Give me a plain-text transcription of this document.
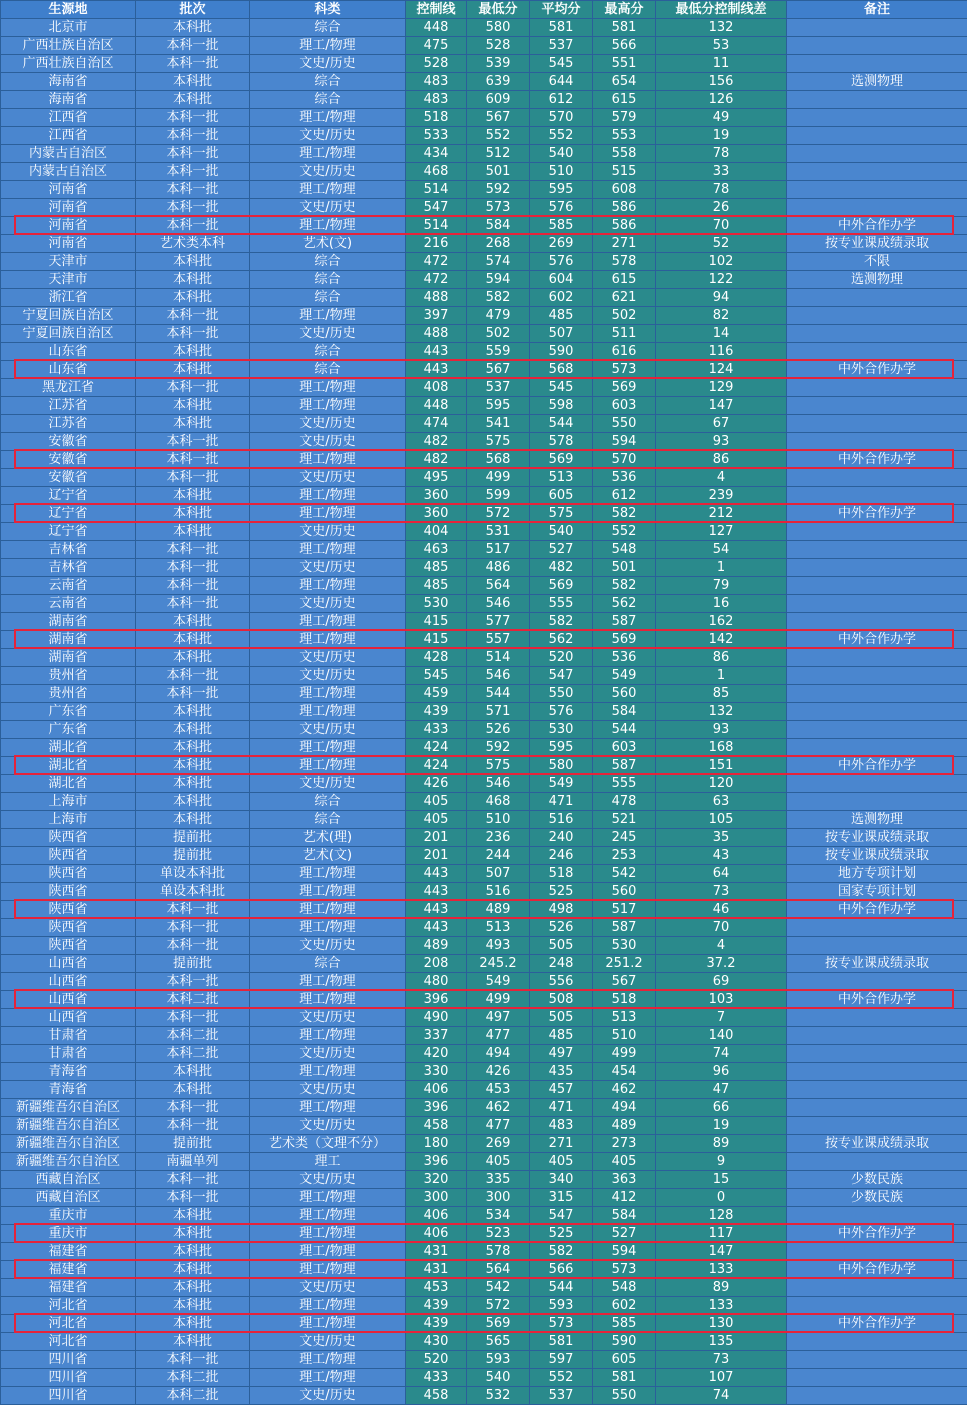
生源地	批次	科类	控制线	最低分	平均分	最高分	最低分控制线差	备注
北京市	本科批	综合	448	580	581	581	132	
广西壮族自治区	本科一批	理工/物理	475	528	537	566	53	
广西壮族自治区	本科一批	文史/历史	528	539	545	551	11	
海南省	本科批	综合	483	639	644	654	156	选测物理
海南省	本科批	综合	483	609	612	615	126	
江西省	本科一批	理工/物理	518	567	570	579	49	
江西省	本科一批	文史/历史	533	552	552	553	19	
内蒙古自治区	本科一批	理工/物理	434	512	540	558	78	
内蒙古自治区	本科一批	文史/历史	468	501	510	515	33	
河南省	本科一批	理工/物理	514	592	595	608	78	
河南省	本科一批	文史/历史	547	573	576	586	26	
河南省	本科一批	理工/物理	514	584	585	586	70	中外合作办学
河南省	艺术类本科	艺术(文)	216	268	269	271	52	按专业课成绩录取
天津市	本科批	综合	472	574	576	578	102	不限
天津市	本科批	综合	472	594	604	615	122	选测物理
浙江省	本科批	综合	488	582	602	621	94	
宁夏回族自治区	本科一批	理工/物理	397	479	485	502	82	
宁夏回族自治区	本科一批	文史/历史	488	502	507	511	14	
山东省	本科批	综合	443	559	590	616	116	
山东省	本科批	综合	443	567	568	573	124	中外合作办学
黑龙江省	本科一批	理工/物理	408	537	545	569	129	
江苏省	本科批	理工/物理	448	595	598	603	147	
江苏省	本科批	文史/历史	474	541	544	550	67	
安徽省	本科一批	文史/历史	482	575	578	594	93	
安徽省	本科一批	理工/物理	482	568	569	570	86	中外合作办学
安徽省	本科一批	文史/历史	495	499	513	536	4	
辽宁省	本科批	理工/物理	360	599	605	612	239	
辽宁省	本科批	理工/物理	360	572	575	582	212	中外合作办学
辽宁省	本科批	文史/历史	404	531	540	552	127	
吉林省	本科一批	理工/物理	463	517	527	548	54	
吉林省	本科一批	文史/历史	485	486	482	501	1	
云南省	本科一批	理工/物理	485	564	569	582	79	
云南省	本科一批	文史/历史	530	546	555	562	16	
湖南省	本科批	理工/物理	415	577	582	587	162	
湖南省	本科批	理工/物理	415	557	562	569	142	中外合作办学
湖南省	本科批	文史/历史	428	514	520	536	86	
贵州省	本科一批	文史/历史	545	546	547	549	1	
贵州省	本科一批	理工/物理	459	544	550	560	85	
广东省	本科批	理工/物理	439	571	576	584	132	
广东省	本科批	文史/历史	433	526	530	544	93	
湖北省	本科批	理工/物理	424	592	595	603	168	
湖北省	本科批	理工/物理	424	575	580	587	151	中外合作办学
湖北省	本科批	文史/历史	426	546	549	555	120	
上海市	本科批	综合	405	468	471	478	63	
上海市	本科批	综合	405	510	516	521	105	选测物理
陕西省	提前批	艺术(理)	201	236	240	245	35	按专业课成绩录取
陕西省	提前批	艺术(文)	201	244	246	253	43	按专业课成绩录取
陕西省	单设本科批	理工/物理	443	507	518	542	64	地方专项计划
陕西省	单设本科批	理工/物理	443	516	525	560	73	国家专项计划
陕西省	本科一批	理工/物理	443	489	498	517	46	中外合作办学
陕西省	本科一批	理工/物理	443	513	526	587	70	
陕西省	本科一批	文史/历史	489	493	505	530	4	
山西省	提前批	综合	208	245.2	248	251.2	37.2	按专业课成绩录取
山西省	本科一批	理工/物理	480	549	556	567	69	
山西省	本科二批	理工/物理	396	499	508	518	103	中外合作办学
山西省	本科一批	文史/历史	490	497	505	513	7	
甘肃省	本科二批	理工/物理	337	477	485	510	140	
甘肃省	本科二批	文史/历史	420	494	497	499	74	
青海省	本科批	理工/物理	330	426	435	454	96	
青海省	本科批	文史/历史	406	453	457	462	47	
新疆维吾尔自治区	本科一批	理工/物理	396	462	471	494	66	
新疆维吾尔自治区	本科一批	文史/历史	458	477	483	489	19	
新疆维吾尔自治区	提前批	艺术类（文理不分）	180	269	271	273	89	按专业课成绩录取
新疆维吾尔自治区	南疆单列	理工	396	405	405	405	9	
西藏自治区	本科一批	文史/历史	320	335	340	363	15	少数民族
西藏自治区	本科一批	理工/物理	300	300	315	412	0	少数民族
重庆市	本科批	理工/物理	406	534	547	584	128	
重庆市	本科批	理工/物理	406	523	525	527	117	中外合作办学
福建省	本科批	理工/物理	431	578	582	594	147	
福建省	本科批	理工/物理	431	564	566	573	133	中外合作办学
福建省	本科批	文史/历史	453	542	544	548	89	
河北省	本科批	理工/物理	439	572	593	602	133	
河北省	本科批	理工/物理	439	569	573	585	130	中外合作办学
河北省	本科批	文史/历史	430	565	581	590	135	
四川省	本科一批	理工/物理	520	593	597	605	73	
四川省	本科二批	理工/物理	433	540	552	581	107	
四川省	本科二批	文史/历史	458	532	537	550	74	
